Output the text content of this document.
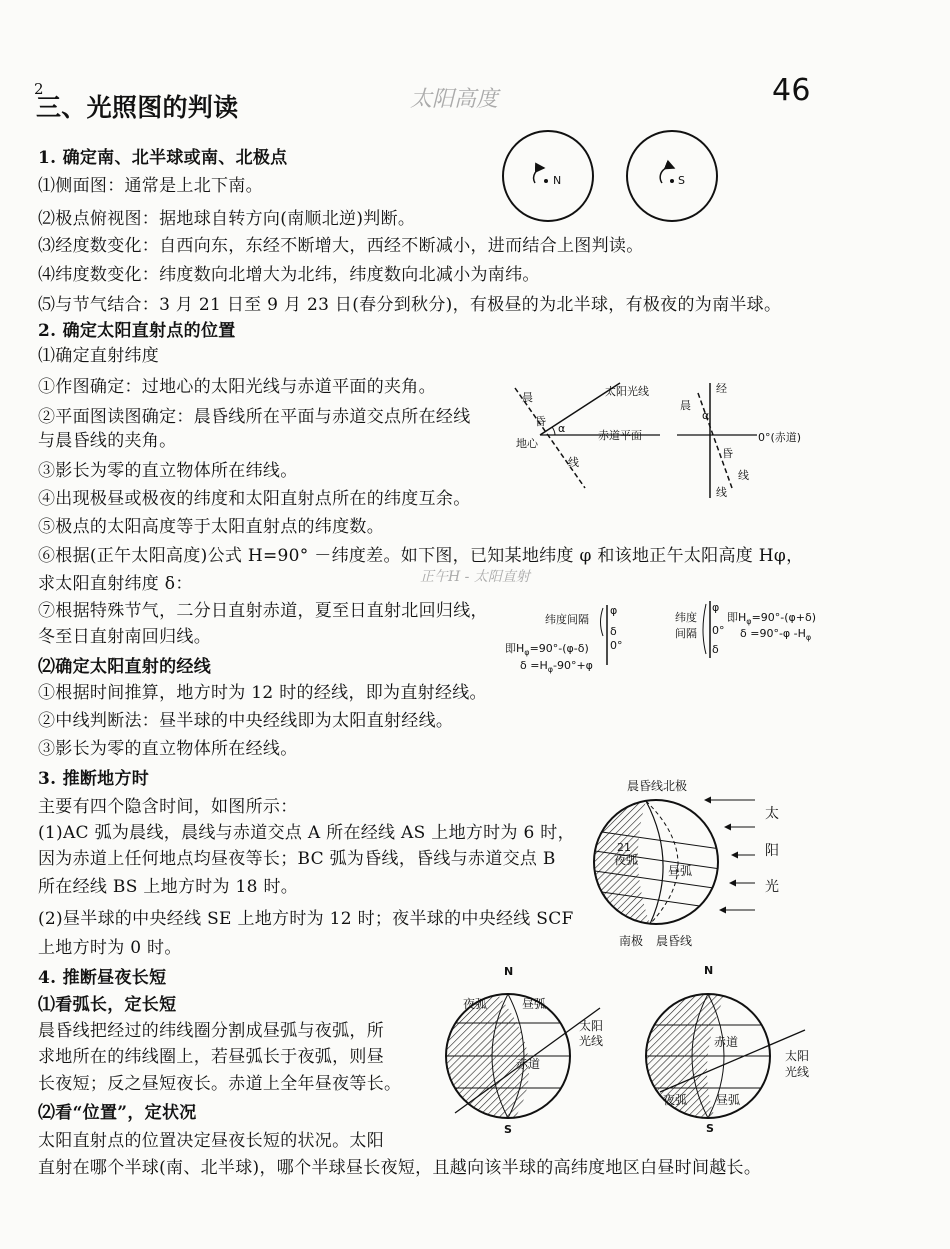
2
三、光照图的判读	太阳高度	46
1. 确定南、北半球或南、北极点
⑴侧面图：通常是上北下南。
⑵极点俯视图：据地球自转方向(南顺北逆)判断。
⑶经度数变化：自西向东，东经不断增大，西经不断减小，进而结合上图判读。
⑷纬度数变化：纬度数向北增大为北纬，纬度数向北减小为南纬。
⑸与节气结合：3 月 21 日至 9 月 23 日(春分到秋分)，有极昼的为北半球，有极夜的为南半球。
N	S
2. 确定太阳直射点的位置
⑴确定直射纬度
①作图确定：过地心的太阳光线与赤道平面的夹角。
②平面图读图确定：晨昏线所在平面与赤道交点所在经线
与晨昏线的夹角。
③影长为零的直立物体所在纬线。
④出现极昼或极夜的纬度和太阳直射点所在的纬度互余。
⑤极点的太阳高度等于太阳直射点的纬度数。
⑥根据(正午太阳高度)公式 H=90° －纬度差。如下图，已知某地纬度 φ 和该地正午太阳高度 Hφ，
求太阳直射纬度 δ：	正午H - 太阳直射
⑦根据特殊节气，二分日直射赤道，夏至日直射北回归线，
冬至日直射南回归线。
⑵确定太阳直射的经线
①根据时间推算，地方时为 12 时的经线，即为直射经线。
②中线判断法：昼半球的中央经线即为太阳直射经线。
③影长为零的直立物体所在经线。
晨
昏
线
太阳光线
赤道平面
地心
α
经
晨
α
0°(赤道)
昏
线
线
纬度间隔
φ
δ
0°
即$H_\varphi=90^\circ-(\varphi-\delta)$
$\delta =H_\varphi-90^\circ+\varphi$
纬度
间隔
φ
0°
δ
即$H_\varphi=90^\circ-(\varphi+\delta)$
δ =90°-φ $-H_\varphi$
3. 推断地方时
主要有四个隐含时间，如图所示：
(1)AC 弧为晨线，晨线与赤道交点 A 所在经线 AS 上地方时为 6 时，
因为赤道上任何地点均昼夜等长；BC 弧为昏线，昏线与赤道交点 B
所在经线 BS 上地方时为 18 时。
(2)昼半球的中央经线 SE 上地方时为 12 时；夜半球的中央经线 SCF
上地方时为 0 时。
晨昏线北极
21
夜弧
昼弧
南极 晨昏线
太
阳
光
4. 推断昼夜长短
⑴看弧长，定长短
晨昏线把经过的纬线圈分割成昼弧与夜弧，所
求地所在的纬线圈上，若昼弧长于夜弧，则昼
长夜短；反之昼短夜长。赤道上全年昼夜等长。
⑵看“位置”，定状况
太阳直射点的位置决定昼夜长短的状况。太阳
直射在哪个半球(南、北半球)，哪个半球昼长夜短，且越向该半球的高纬度地区白昼时间越长。
N
S
夜弧	昼弧
赤道
太阳
光线
N
S
赤道
夜弧 昼弧
太阳
光线
